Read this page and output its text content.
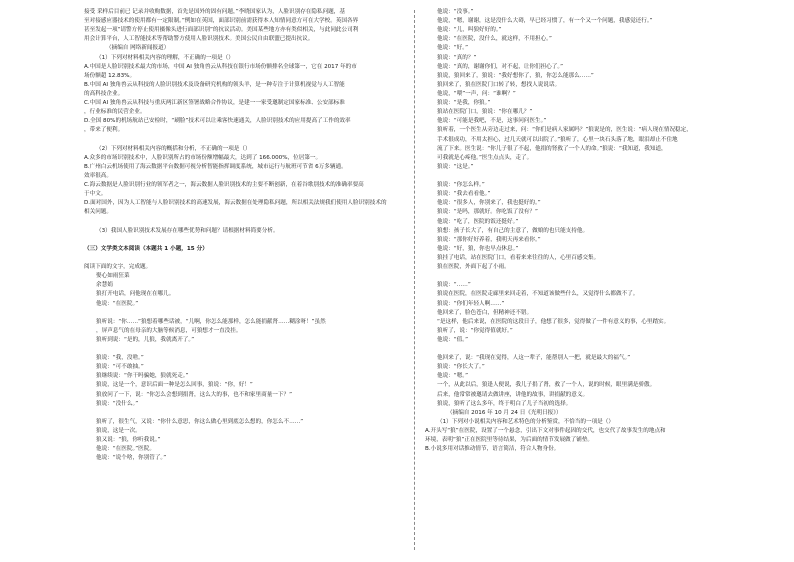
接受 采样后目前已 记录并收购数据，首先是国外的固有问题，”李晓国家认为，人脸识别存在隐私问题，基
至对接感应器技术的使用都有一定限制。”例如在英国，面部识别前需获得本人知情同意方可在大学校。英国各界
甚至发起一项“请警方停止使用摄像头进行面部识别”的抗议活动。美国某些地方亦有类似相关，与此同此公司利
用会计算平台，人工智能技术等帮助警方使用人脸识别技术。美国公民自由联盟已提出抗议。
（摘编自 网络新闻报道）
（1）下列对材料相关内容的理解，不正确的一项是（）
A.中国是人脸识别技术最大的市场，中国 AI 独角兽云从科技在银行市场份额排名全球第一，它在 2017 年的市
场份额超 12.83%。
B.中国 AI 独角兽云从科技的人脸识别技术及设备研究机构的领头羊，是一种专注于计算机视觉与人工智能
的高科技企业。
C.中国 AI 独角兽云从科技与重庆两江新区签署战略合作协议，是建一一家受邀制定国家标准、公安部标准
，行业标准的民营企业。
D.全国 80%的机场航站已安检时，“刷脸”技术可以让乘客快速通关，人脸识别技术的应用提高了工作的效率
，带来了便利。
（2）下列对材料相关内容的概括和分析，不正确的一项是（）
A.众多的市场识别技术中，人脸识别所占的市场份额增幅最大，达到了 166.000%，位居第一。
B.广州白云机场使用了海云数据平台数据可视分析智能指挥调度系统，城市运行与航班可节省 6万多辆通。
效率很高。
C.海云数据是人脸识别行业的领军者之一，海云数据人脸识别技术的主要不断创新，在着谷歌别技术的准确率要高
于中文。
D.面对国外，因为人工智能与人脸识别技术的高速发展，海云数据在处理隐私问题，所以相关法规我们使用人脸识别技术的
相关问题。
（3）我国人脸识别技术发展存在哪些优势和问题？请根据材料简要分析。
（三）文学类文本阅读（本题共 1 小题，15 分）
阅读下面的文字，完成题。
娶心如雨狂菜
余慧娟
狼打开电话，问他现在在哪儿。
他说：“在医院。”
狼听说：“你……”狼想着哪些话被，“儿啊，你怎么能那样，怎么能捐献肾……糊涂呀！”虽然
，屏声息气的在母亲的大脑等候消息，可狼想才一直没挂。
狼听到说：“是的，儿狼，我就离开了。”
狼说：“我，没啥。”
狼说：“可不敢抽。”
狼继续说：“你干吗骗她，狼就死走。”
狼说，这是一个，意识后面一种是怎么回事，狼说：“你，好！”
狼放问了一下，说：“你怎么会想到捐肾，这么大的事，也不和家里商量一下？”
狼说：“没什么。”
狼听了，很生气，又说：“你什么意思，你这么做心里到底怎么想的，你怎么不……”
狼说，这是一次。
狼又说：“狼，你听我说。”
他说：“在医院。”医院。
他说：“说个啥，你别管了。”
他说：“没事。”
他说，“嗯，谢谢，这是没什么大碍，早已经习惯了，有一个又一个问题，我感觉还行。”
他说：“儿，叫狼好好的。”
他说：“在医院，没什么，就这样，不用担心。”
他说：“好。”
狼说：“真的？”
他说：“真的，谢谢你们，对不起，让你们担心了。”
狼说，狼回来了，狼说：“我好想你了，狼，你怎么能那么……”
狼回来了，狼在医院门口转了转，想找人说说话。
他说，“喂”一声，问：“谁啊？”
狼说：“是我，你狼。”
狼站在医院门口，狼说：“你在哪儿？”
他说：“可能是我吧，不是，这事问问医生。”
狼听着，一个医生从旁边走过来，问：“你们是病人家属吗？”狼说是的，医生说：“病人现在情况稳定，
手术很成功，不用太担心，过几天就可以出院了。”狼听了，心里一块石头落了地，眼泪却止不住地
流了下来。医生说：“你儿子很了不起，他捐的肾救了一个人的命。”狼说：“我知道，我知道，
可我就是心疼他。”医生点点头，走了。
狼说：“这是。”
狼说：“你怎么样。”
狼说：“我去看看他。”
他说：“很多人，你别来了，我也挺好的。”
狼说：“是吗，那就好。你吃饭了没有？”
他说：“吃了，医院的饭还挺好。”
狼想：孩子长大了，有自己的主意了，做娘的也只能支持他。
狼说：“那你好好养着，我明天再来看你。”
他说：“好，狼，你也早点休息。”
狼挂了电话，站在医院门口，看着来来往往的人，心里百感交集。
狼在医院，外面下起了小雨。
狼说：“……”
狼说在医院，在医院走廊里来回走着，不知道该做些什么，又觉得什么都做不了。
狼说：“你们年轻人啊……”
他回来了，脸色苍白，但精神还不错。
“是这样，他后来说，在医院的这段日子，他想了很多，觉得做了一件有意义的事，心里踏实。
狼听了，说：“你觉得值就好。”
他说：“值。”
他回来了，说：“我现在觉得，人这一辈子，能帮别人一把，就是最大的福气。”
狼说：“你长大了。”
他说：“嗯。”
一个，从此以后，狼逢人便说，我儿子捐了肾，救了一个人，说的时候，眼里满是骄傲。
后来，他常常被邀请去做讲座，讲他的故事，讲捐献的意义。
狼说，狼听了这么多年，终于明白了儿子当初的选择。
（摘编自 2016 年 10 月 24 日《光明日报》）
（1）下列对小说相关内容和艺术特色的分析鉴赏，不恰当的一项是（）
A.开头写“狼”在医院，设置了一个悬念，引出下文对事件起因的交代，也交代了故事发生的地点和
环境，表明“狼”正在医院里等待结果，为后面的情节发展做了铺垫。
B.小说多用对话推动情节，语言简洁，符合人物身份。
